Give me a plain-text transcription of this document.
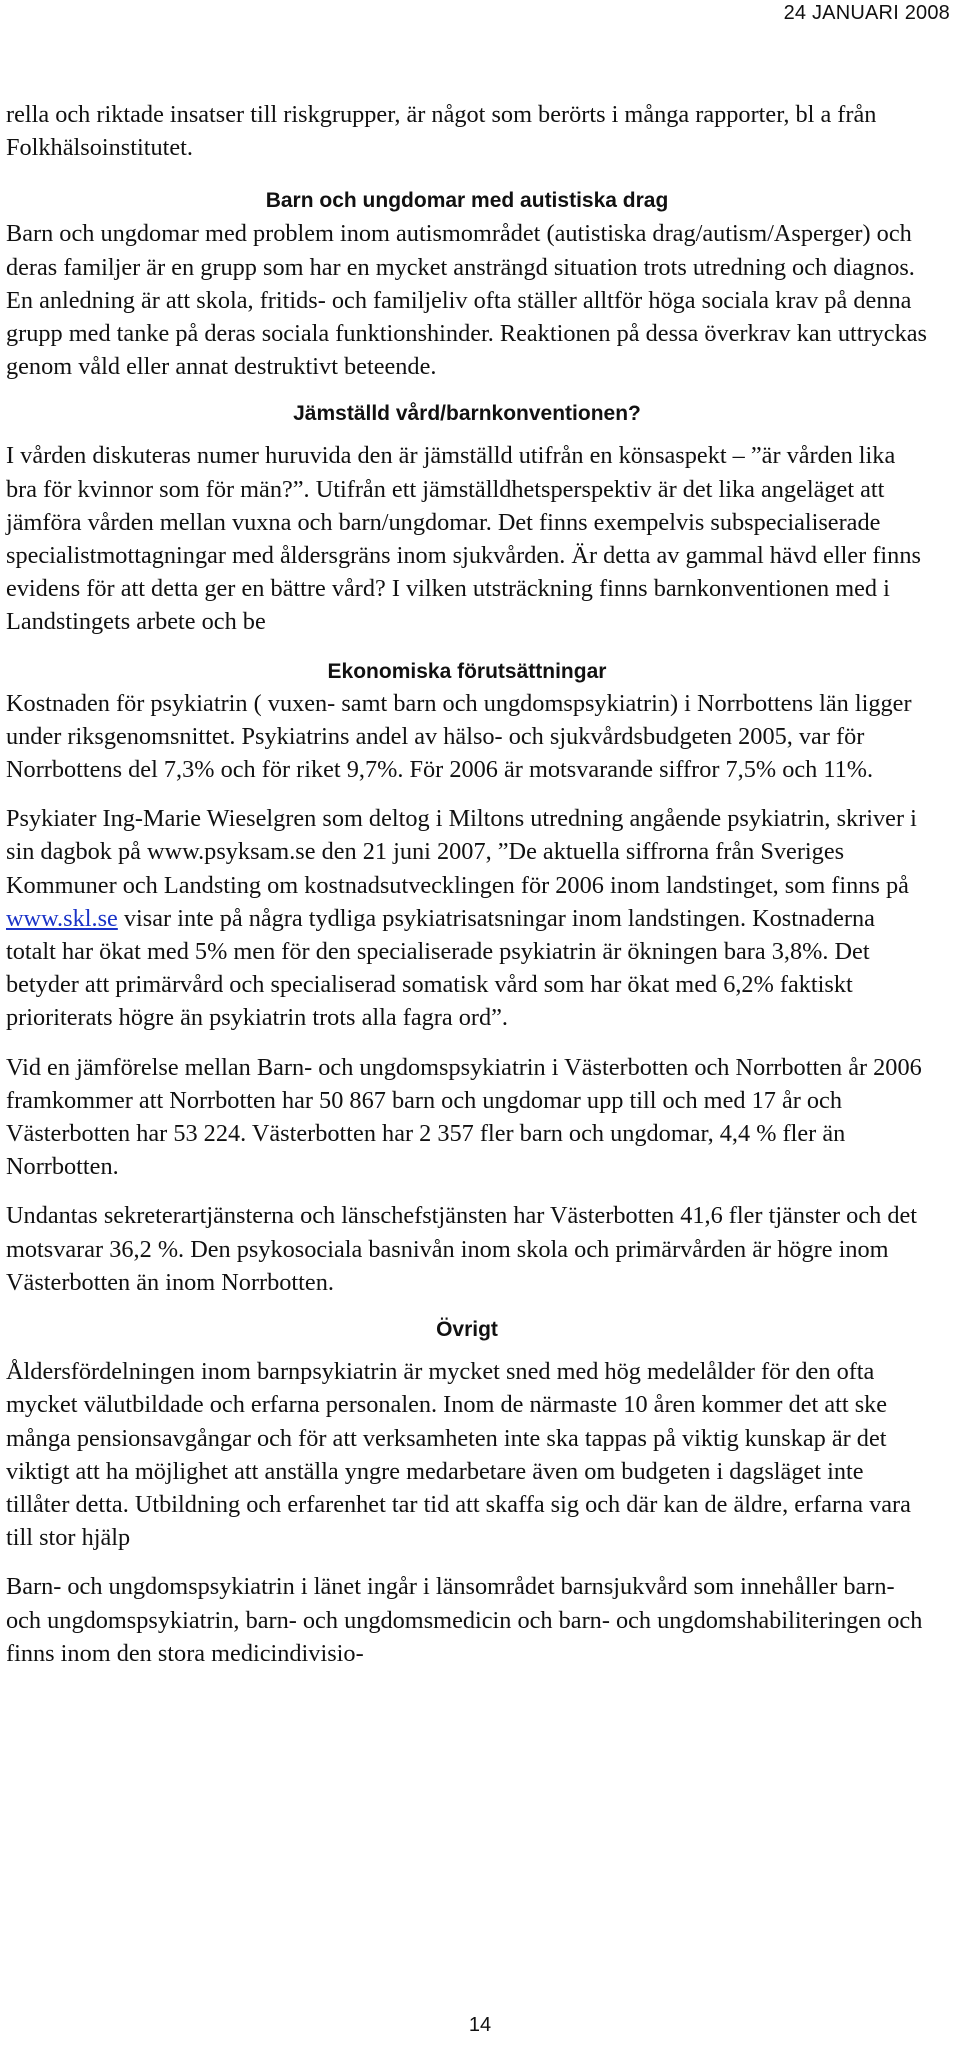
24 JANUARI 2008

rella och riktade insatser till riskgrupper, är något som berörts i många rapporter, bl a från Folkhälsoinstitutet.

Barn och ungdomar med autistiska drag

Barn och ungdomar med problem inom autismområdet (autistiska drag/autism/Asperger) och deras familjer är en grupp som har en mycket ansträngd situation trots utredning och diagnos. En anledning är att skola, fritids- och familjeliv ofta ställer alltför höga sociala krav på denna grupp med tanke på deras sociala funktionshinder. Reaktionen på dessa överkrav kan uttryckas genom våld eller annat destruktivt beteende.

Jämställd vård/barnkonventionen?

I vården diskuteras numer huruvida den är jämställd utifrån en könsaspekt – ”är vården lika bra för kvinnor som för män?”. Utifrån ett jämställdhetsperspektiv är det lika angeläget att jämföra vården mellan vuxna och barn/ungdomar. Det finns exempelvis subspecialiserade specialistmottagningar med åldersgräns inom sjukvården. Är detta av gammal hävd eller finns evidens för att detta ger en bättre vård? I vilken utsträckning finns barnkonventionen med i Landstingets arbete och be

Ekonomiska förutsättningar

Kostnaden för psykiatrin ( vuxen- samt barn och ungdomspsykiatrin) i Norrbottens län ligger under riksgenomsnittet. Psykiatrins andel av hälso- och sjukvårdsbudgeten 2005, var för Norrbottens del 7,3% och för riket 9,7%. För 2006 är motsvarande siffror 7,5% och 11%.

Psykiater Ing-Marie Wieselgren som deltog i Miltons utredning angående psykiatrin, skriver i sin dagbok på www.psyksam.se den 21 juni 2007, ”De aktuella siffrorna från Sveriges Kommuner och Landsting om kostnadsutvecklingen för 2006 inom landstinget, som finns på www.skl.se visar inte på några tydliga psykiatrisatsningar inom landstingen. Kostnaderna totalt har ökat med 5% men för den specialiserade psykiatrin är ökningen bara 3,8%. Det betyder att primärvård och specialiserad somatisk vård som har ökat med 6,2% faktiskt prioriterats högre än psykiatrin trots alla fagra ord”.

Vid en jämförelse mellan Barn- och ungdomspsykiatrin i Västerbotten och Norrbotten år 2006 framkommer att Norrbotten har 50 867 barn och ungdomar upp till och med 17 år och Västerbotten har 53 224. Västerbotten har 2 357 fler barn och ungdomar, 4,4 % fler än Norrbotten.

Undantas sekreterartjänsterna och länschefstjänsten har Västerbotten 41,6 fler tjänster och det motsvarar 36,2 %. Den psykosociala basnivån inom skola och primärvården är högre inom Västerbotten än inom Norrbotten.

Övrigt

Åldersfördelningen inom barnpsykiatrin är mycket sned med hög medelålder för den ofta mycket välutbildade och erfarna personalen. Inom de närmaste 10 åren kommer det att ske många pensionsavgångar och för att verksamheten inte ska tappas på viktig kunskap är det viktigt att ha möjlighet att anställa yngre medarbetare även om budgeten i dagsläget inte tillåter detta. Utbildning och erfarenhet tar tid att skaffa sig och där kan de äldre, erfarna vara till stor hjälp

Barn- och ungdomspsykiatrin i länet ingår i länsområdet barnsjukvård som innehåller barn- och ungdomspsykiatrin, barn- och ungdomsmedicin och barn- och ungdomshabiliteringen och finns inom den stora medicindivisio-

14
